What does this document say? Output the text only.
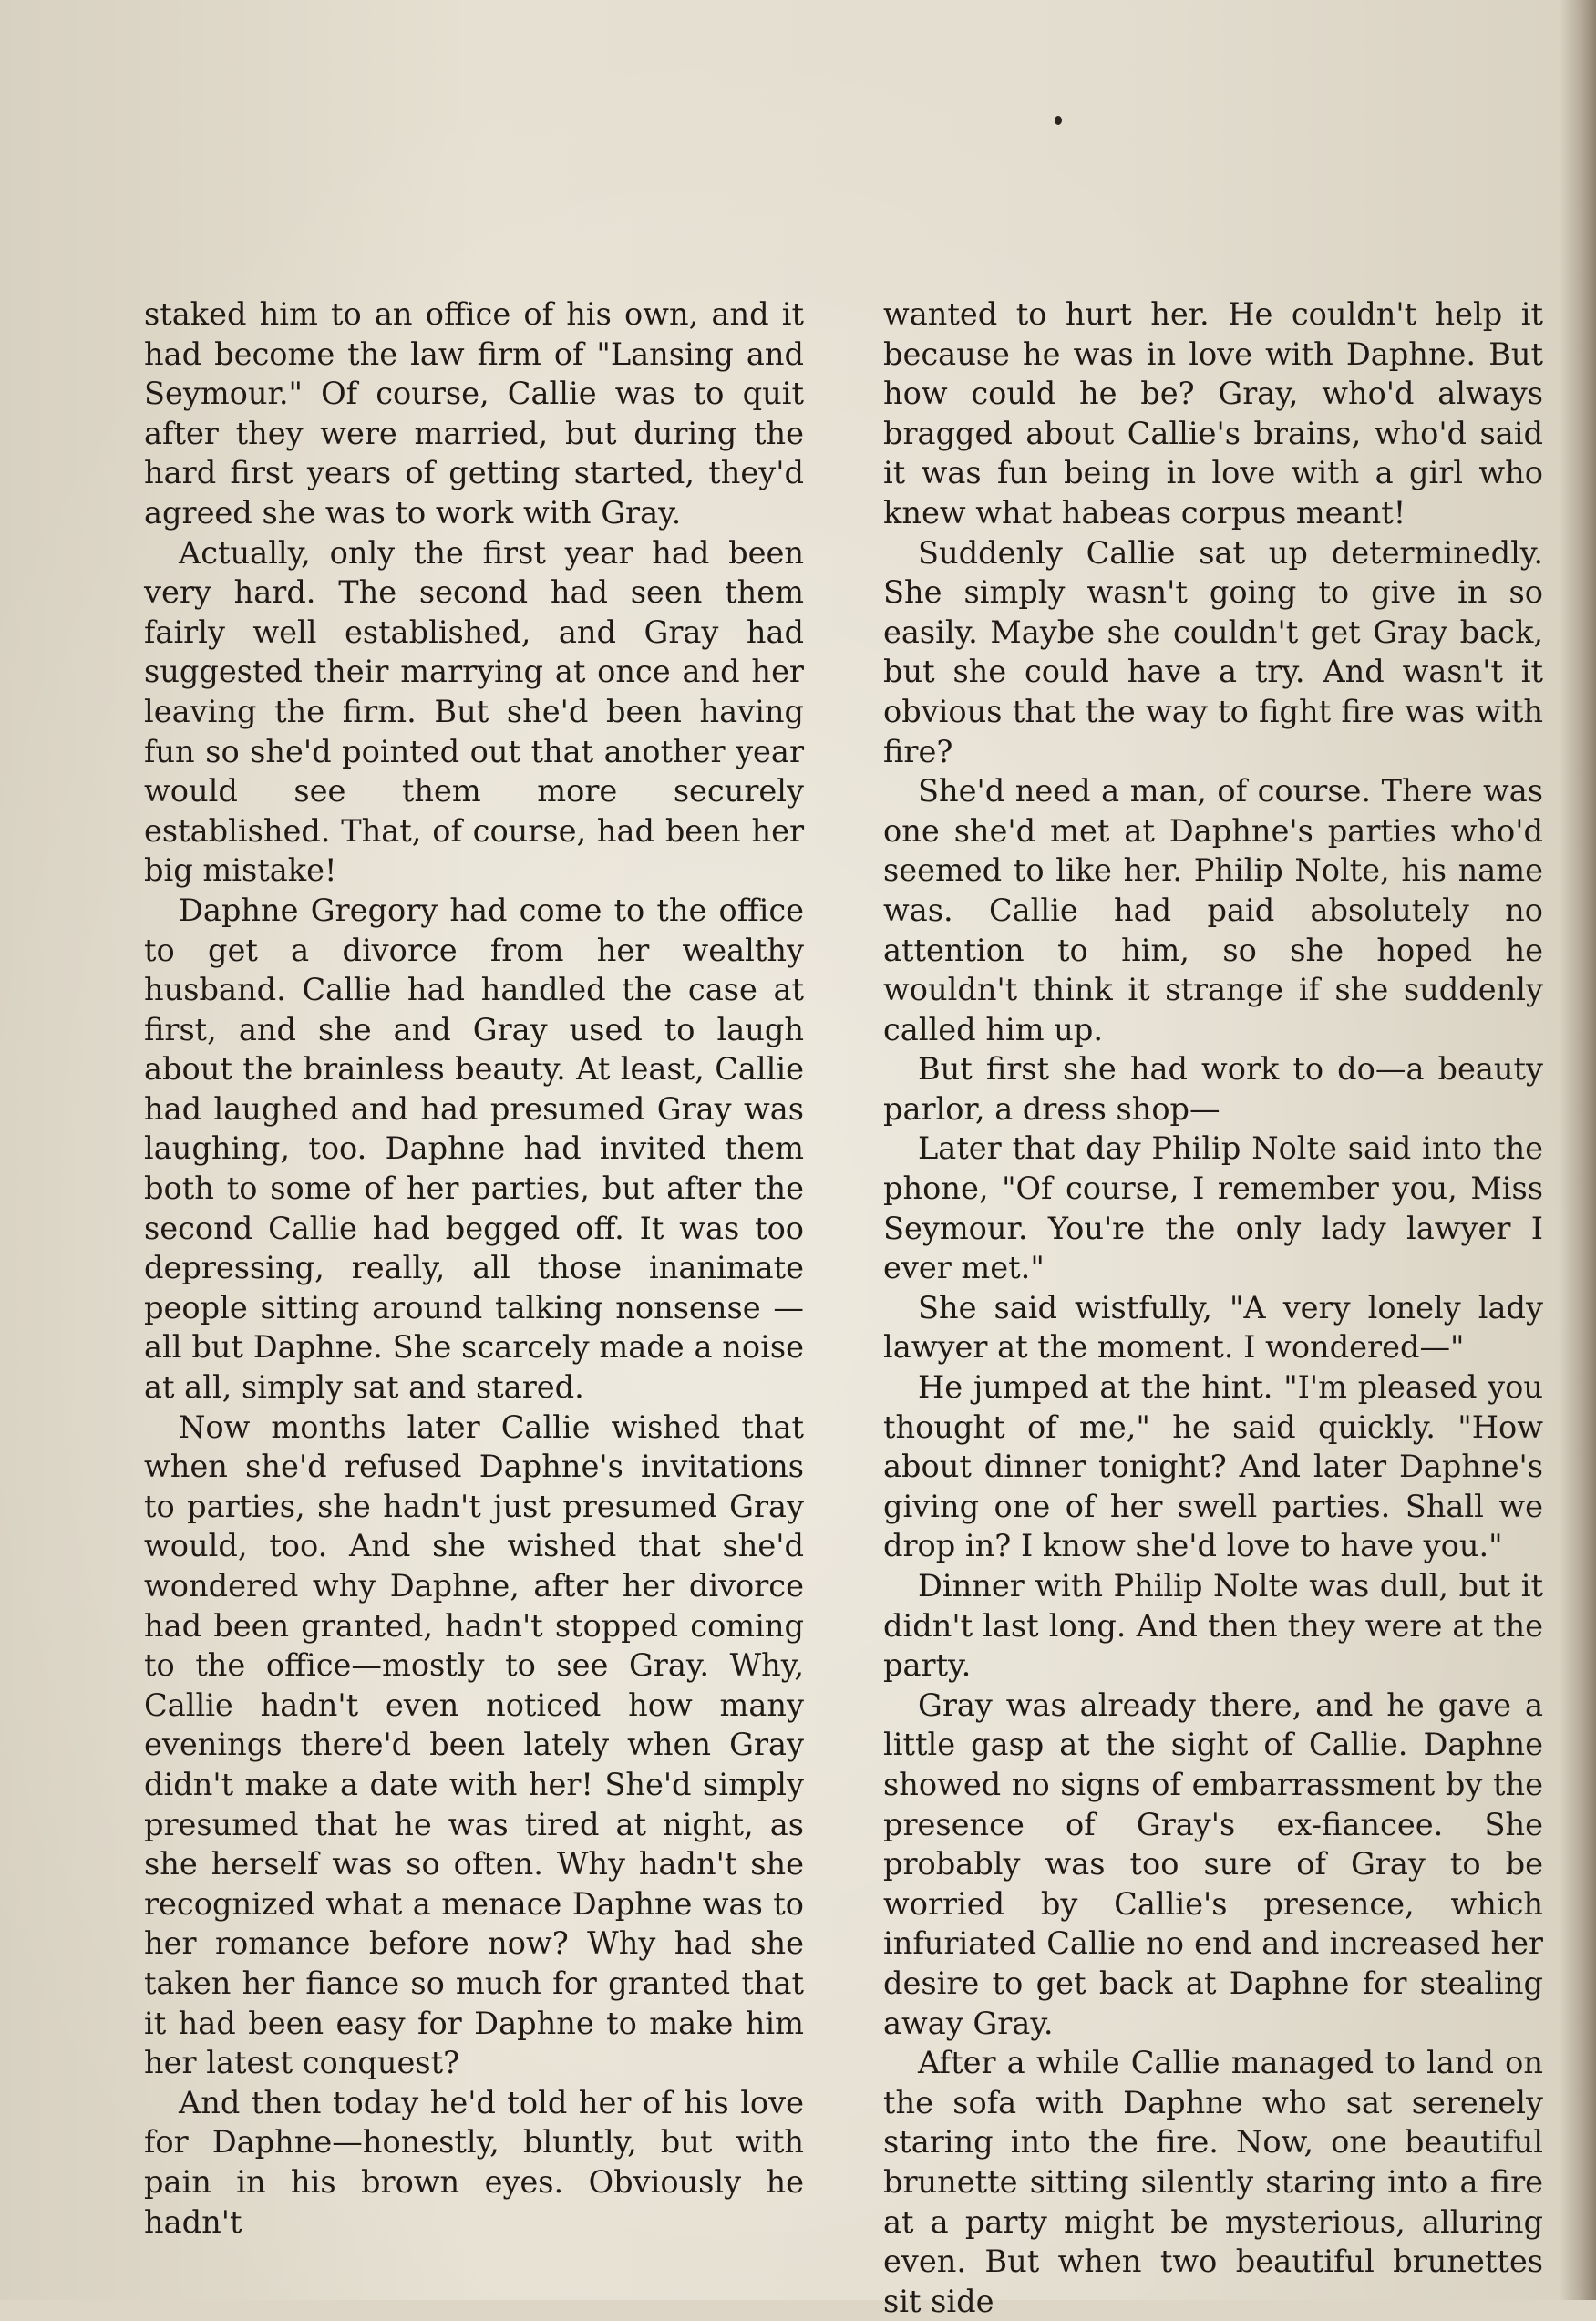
staked him to an office of his own, and it had become the law firm of "Lansing and Seymour." Of course, Callie was to quit after they were married, but during the hard first years of getting started, they'd agreed she was to work with Gray.

Actually, only the first year had been very hard. The second had seen them fairly well established, and Gray had suggested their marrying at once and her leaving the firm. But she'd been having fun so she'd pointed out that another year would see them more securely established. That, of course, had been her big mistake!

Daphne Gregory had come to the office to get a divorce from her wealthy husband. Callie had handled the case at first, and she and Gray used to laugh about the brainless beauty. At least, Callie had laughed and had presumed Gray was laughing, too. Daphne had invited them both to some of her parties, but after the second Callie had begged off. It was too depressing, really, all those inanimate people sitting around talking nonsense — all but Daphne. She scarcely made a noise at all, simply sat and stared.

Now months later Callie wished that when she'd refused Daphne's invitations to parties, she hadn't just presumed Gray would, too. And she wished that she'd wondered why Daphne, after her divorce had been granted, hadn't stopped coming to the office—mostly to see Gray. Why, Callie hadn't even noticed how many evenings there'd been lately when Gray didn't make a date with her! She'd simply presumed that he was tired at night, as she herself was so often. Why hadn't she recognized what a menace Daphne was to her romance before now? Why had she taken her fiance so much for granted that it had been easy for Daphne to make him her latest conquest?

And then today he'd told her of his love for Daphne—honestly, bluntly, but with pain in his brown eyes. Obviously he hadn't

wanted to hurt her. He couldn't help it because he was in love with Daphne. But how could he be? Gray, who'd always bragged about Callie's brains, who'd said it was fun being in love with a girl who knew what habeas corpus meant!

Suddenly Callie sat up determinedly. She simply wasn't going to give in so easily. Maybe she couldn't get Gray back, but she could have a try. And wasn't it obvious that the way to fight fire was with fire?

She'd need a man, of course. There was one she'd met at Daphne's parties who'd seemed to like her. Philip Nolte, his name was. Callie had paid absolutely no attention to him, so she hoped he wouldn't think it strange if she suddenly called him up.

But first she had work to do—a beauty parlor, a dress shop—

Later that day Philip Nolte said into the phone, "Of course, I remember you, Miss Seymour. You're the only lady lawyer I ever met."

She said wistfully, "A very lonely lady lawyer at the moment. I wondered—"

He jumped at the hint. "I'm pleased you thought of me," he said quickly. "How about dinner tonight? And later Daphne's giving one of her swell parties. Shall we drop in? I know she'd love to have you."

Dinner with Philip Nolte was dull, but it didn't last long. And then they were at the party.

Gray was already there, and he gave a little gasp at the sight of Callie. Daphne showed no signs of embarrassment by the presence of Gray's ex-fiancee. She probably was too sure of Gray to be worried by Callie's presence, which infuriated Callie no end and increased her desire to get back at Daphne for stealing away Gray.

After a while Callie managed to land on the sofa with Daphne who sat serenely staring into the fire. Now, one beautiful brunette sitting silently staring into a fire at a party might be mysterious, alluring even. But when two beautiful brunettes sit side
